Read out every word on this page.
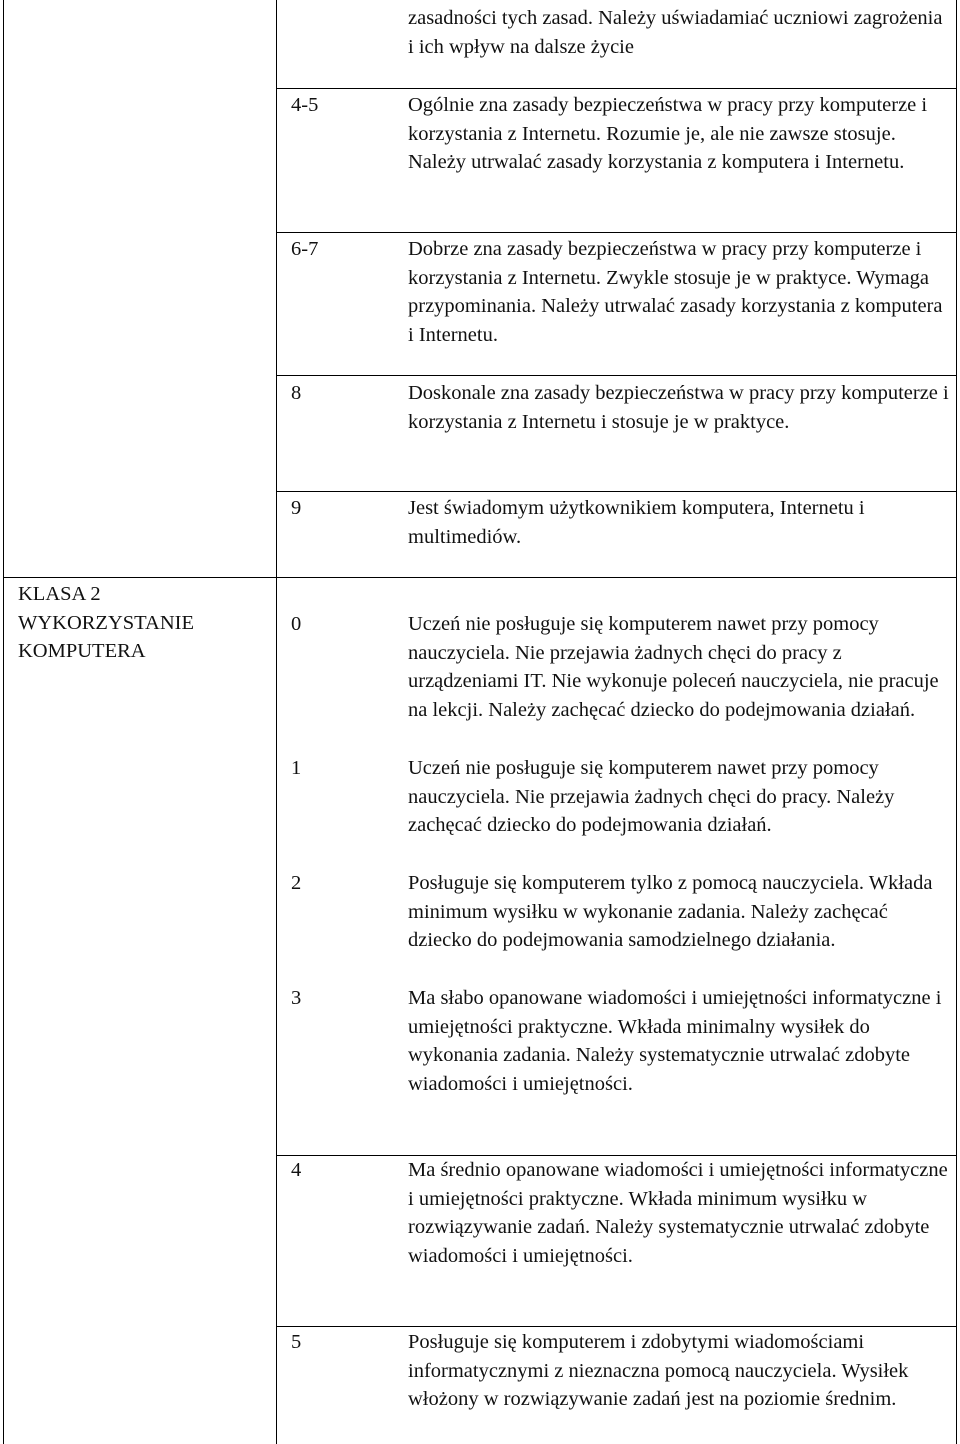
KLASA 2
WYKORZYSTANIE
KOMPUTERA
zasadności tych zasad. Należy uświadamiać uczniowi zagrożenia i ich wpływ na dalsze życie
4-5	Ogólnie zna zasady bezpieczeństwa w pracy przy komputerze i korzystania z Internetu. Rozumie je, ale nie zawsze stosuje. Należy utrwalać zasady korzystania z komputera i Internetu.
6-7	Dobrze zna zasady bezpieczeństwa w pracy przy komputerze i korzystania z Internetu. Zwykle stosuje je w praktyce. Wymaga przypominania. Należy utrwalać zasady korzystania z komputera i Internetu.
8	Doskonale zna zasady bezpieczeństwa w pracy przy komputerze i korzystania z Internetu i stosuje je w praktyce.
9	Jest świadomym użytkownikiem komputera, Internetu i multimediów.
0	Uczeń nie posługuje się komputerem nawet przy pomocy nauczyciela. Nie przejawia żadnych chęci do pracy z urządzeniami IT. Nie wykonuje poleceń nauczyciela, nie pracuje na lekcji. Należy zachęcać dziecko do podejmowania działań.
1	Uczeń nie posługuje się komputerem nawet przy pomocy nauczyciela. Nie przejawia żadnych chęci do pracy. Należy zachęcać dziecko do podejmowania działań.
2	Posługuje się komputerem tylko z pomocą nauczyciela. Wkłada minimum wysiłku w wykonanie zadania. Należy zachęcać dziecko do podejmowania samodzielnego działania.
3	Ma słabo opanowane wiadomości i umiejętności informatyczne i umiejętności praktyczne. Wkłada minimalny wysiłek do wykonania zadania. Należy systematycznie utrwalać zdobyte wiadomości i umiejętności.
4	Ma średnio opanowane wiadomości i umiejętności informatyczne i umiejętności praktyczne. Wkłada minimum wysiłku w rozwiązywanie zadań. Należy systematycznie utrwalać zdobyte wiadomości i umiejętności.
5	Posługuje się komputerem i zdobytymi wiadomościami informatycznymi z nieznaczna pomocą nauczyciela. Wysiłek włożony w rozwiązywanie zadań jest na poziomie średnim.
